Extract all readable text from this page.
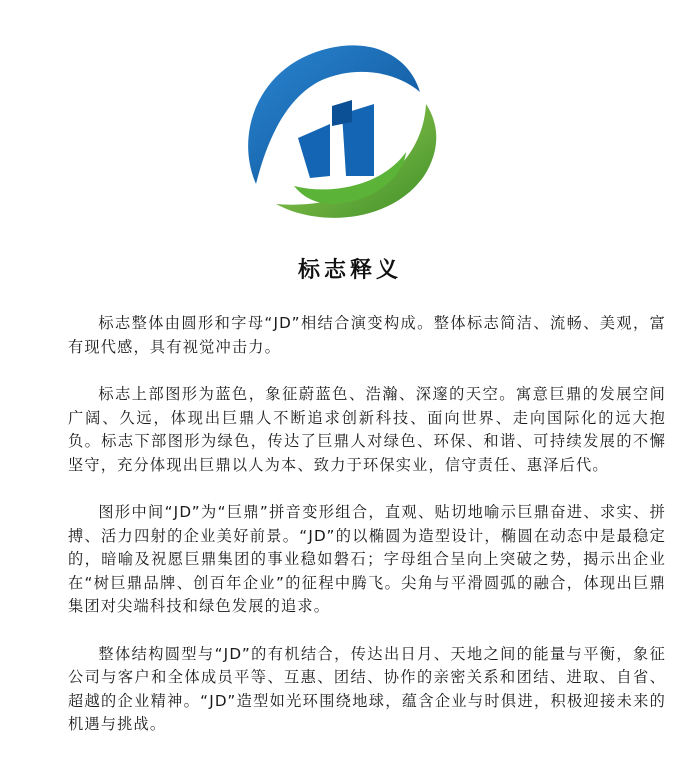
标志释义

标志整体由圆形和字母“JD”相结合演变构成。整体标志简洁、流畅、美观，富有现代感，具有视觉冲击力。

标志上部图形为蓝色，象征蔚蓝色、浩瀚、深邃的天空。寓意巨鼎的发展空间广阔、久远，体现出巨鼎人不断追求创新科技、面向世界、走向国际化的远大抱负。标志下部图形为绿色，传达了巨鼎人对绿色、环保、和谐、可持续发展的不懈坚守，充分体现出巨鼎以人为本、致力于环保实业，信守责任、惠泽后代。

图形中间“JD”为“巨鼎”拼音变形组合，直观、贴切地喻示巨鼎奋进、求实、拼搏、活力四射的企业美好前景。“JD”的以椭圆为造型设计，椭圆在动态中是最稳定的，暗喻及祝愿巨鼎集团的事业稳如磐石；字母组合呈向上突破之势，揭示出企业在“树巨鼎品牌、创百年企业”的征程中腾飞。尖角与平滑圆弧的融合，体现出巨鼎集团对尖端科技和绿色发展的追求。

整体结构圆型与“JD”的有机结合，传达出日月、天地之间的能量与平衡，象征公司与客户和全体成员平等、互惠、团结、协作的亲密关系和团结、进取、自省、超越的企业精神。“JD”造型如光环围绕地球，蕴含企业与时俱进，积极迎接未来的机遇与挑战。
